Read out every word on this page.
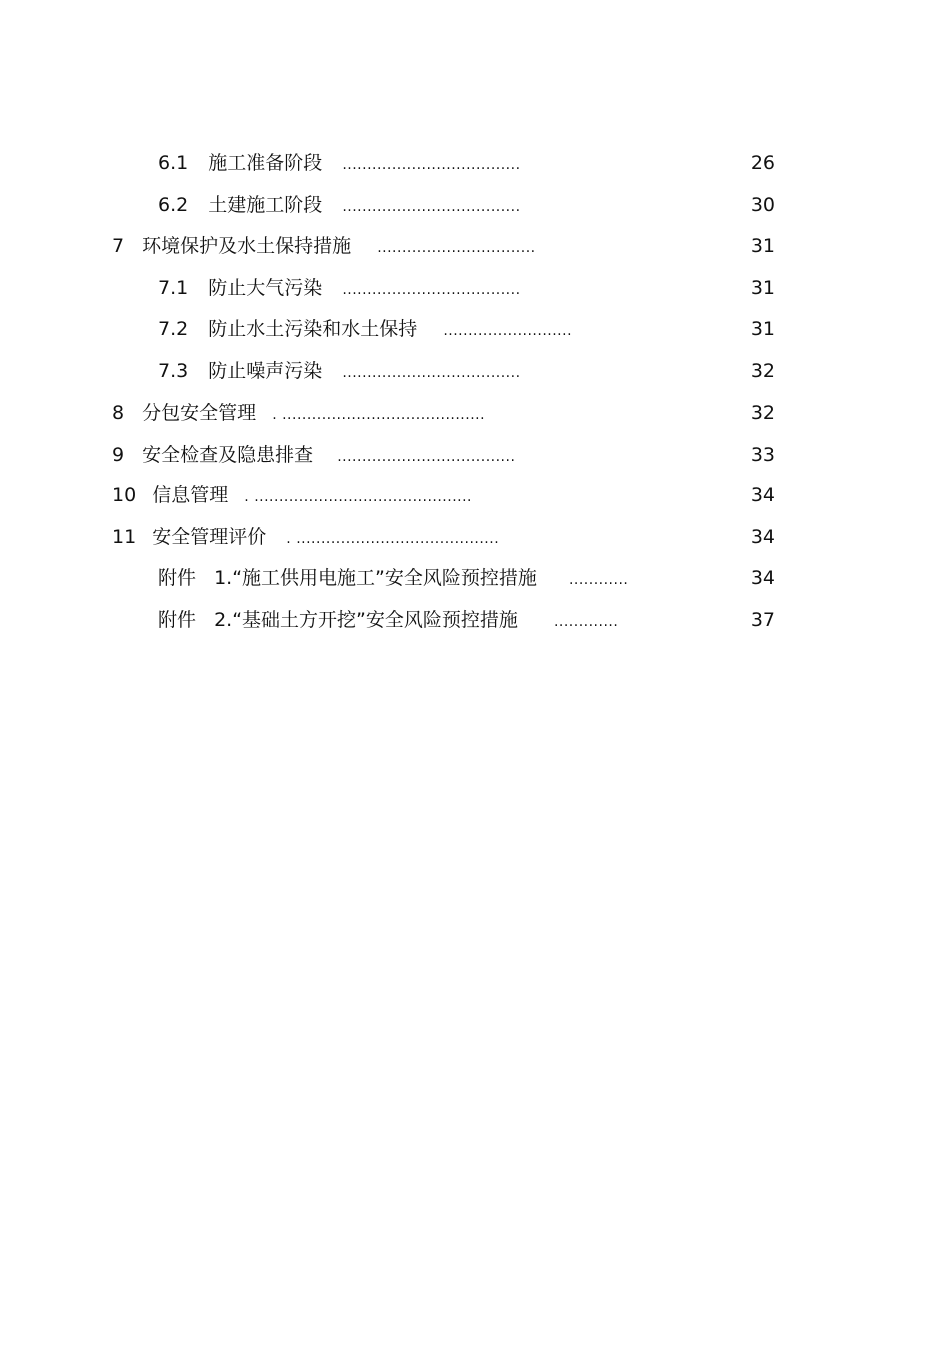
6.1 施工准备阶段 ....................................	26
6.2 土建施工阶段 ....................................	30
7 环境保护及水土保持措施 ................................	31
7.1 防止大气污染 ....................................	31
7.2 防止水土污染和水土保持 ..........................	31
7.3 防止噪声污染 ....................................	32
8 分包安全管理 . .........................................	32
9 安全检查及隐患排查 ....................................	33
10 信息管理 . ............................................	34
11 安全管理评价 . .........................................	34
附件 1.“施工供用电施工”安全风险预控措施 ............	34
附件 2.“基础土方开挖”安全风险预控措施	.............	37
